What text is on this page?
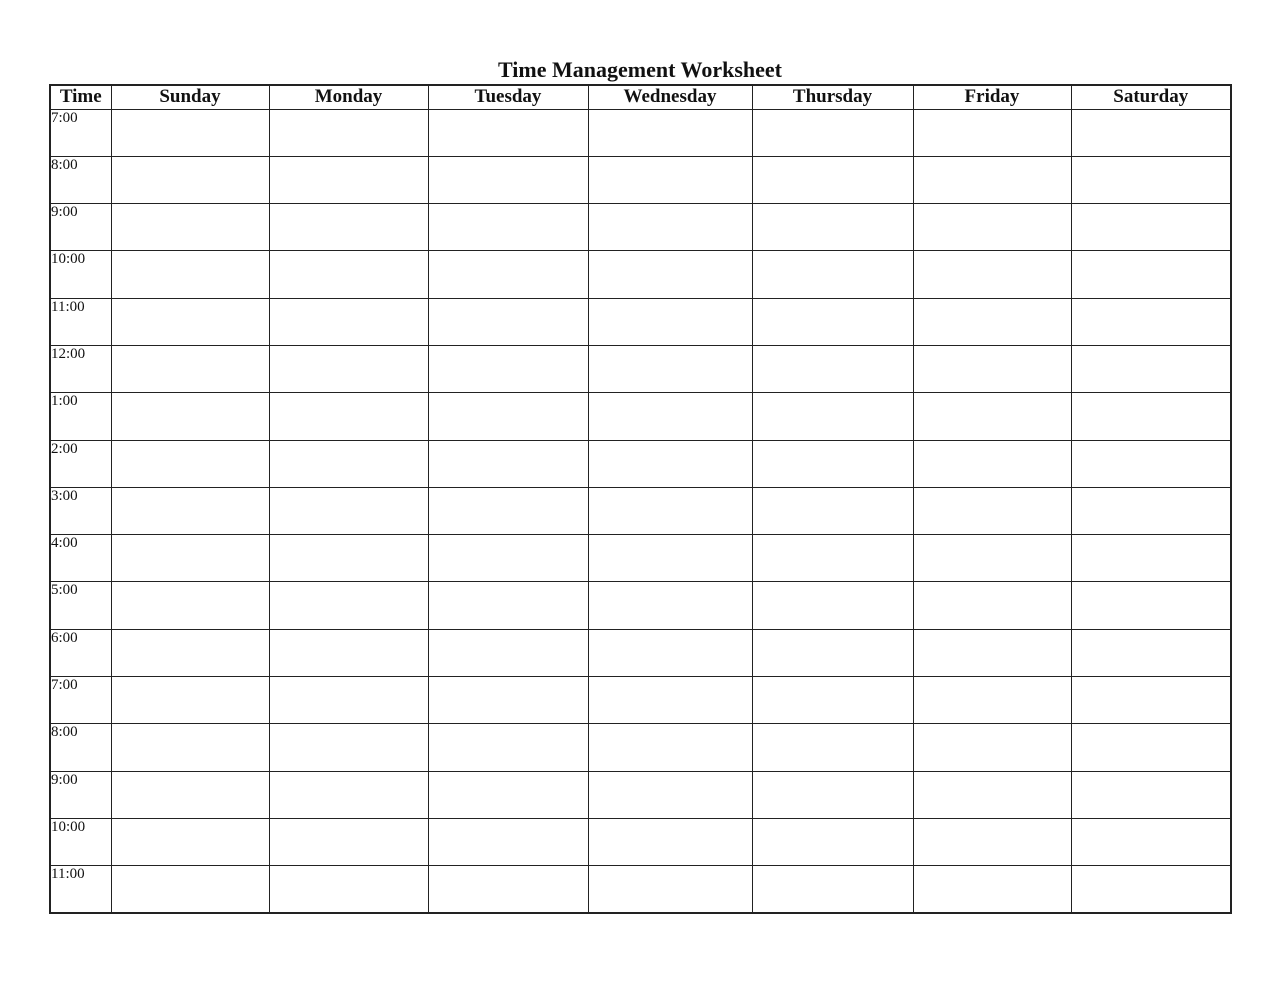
Time Management Worksheet
Time	Sunday	Monday	Tuesday	Wednesday	Thursday	Friday	Saturday
7:00							
8:00							
9:00							
10:00							
11:00							
12:00							
1:00							
2:00							
3:00							
4:00							
5:00							
6:00							
7:00							
8:00							
9:00							
10:00							
11:00							
